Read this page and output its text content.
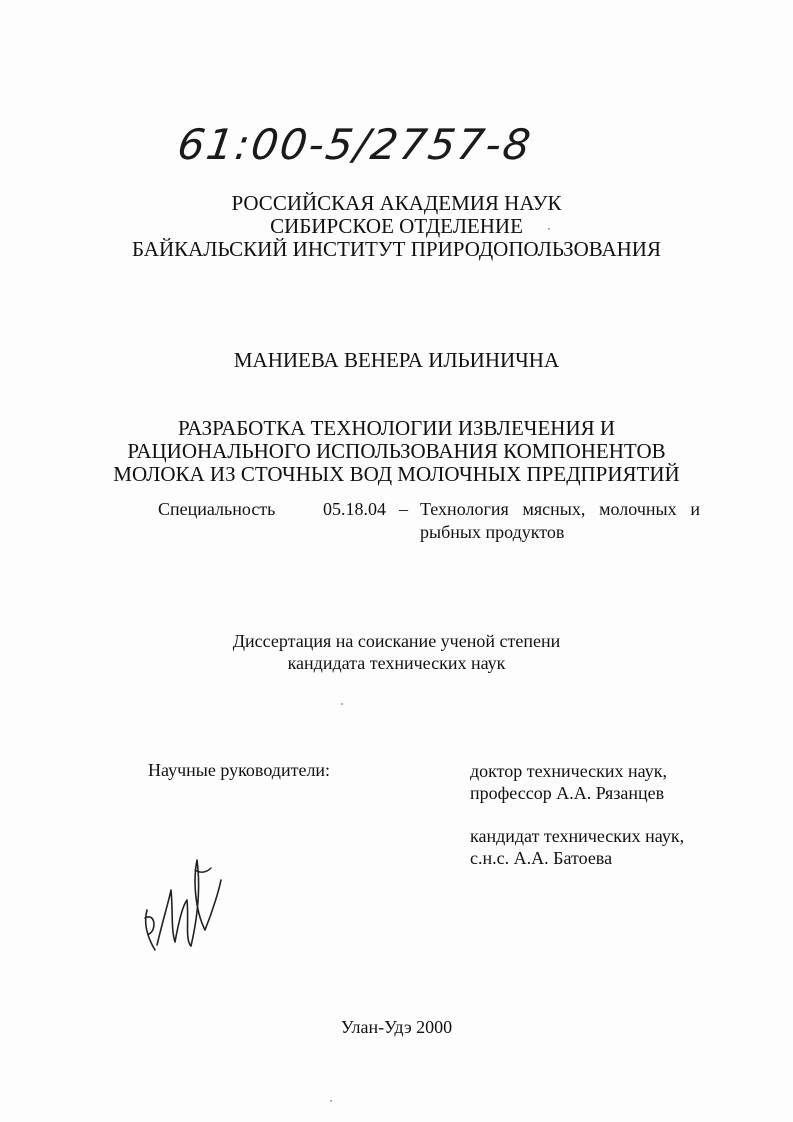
61:00-5/2757-8
РОССИЙСКАЯ АКАДЕМИЯ НАУК
СИБИРСКОЕ ОТДЕЛЕНИЕ
БАЙКАЛЬСКИЙ ИНСТИТУТ ПРИРОДОПОЛЬЗОВАНИЯ
МАНИЕВА ВЕНЕРА ИЛЬИНИЧНА
РАЗРАБОТКА ТЕХНОЛОГИИ ИЗВЛЕЧЕНИЯ И
РАЦИОНАЛЬНОГО ИСПОЛЬЗОВАНИЯ КОМПОНЕНТОВ
МОЛОКА ИЗ СТОЧНЫХ ВОД МОЛОЧНЫХ ПРЕДПРИЯТИЙ
Специальность	05.18.04 – Технология мясных, молочных и
рыбных продуктов
Диссертация на соискание ученой степени
кандидата технических наук
Научные руководители:	доктор технических наук,
профессор А.А. Рязанцев
кандидат технических наук,
с.н.с. А.А. Батоева
Улан-Удэ 2000
